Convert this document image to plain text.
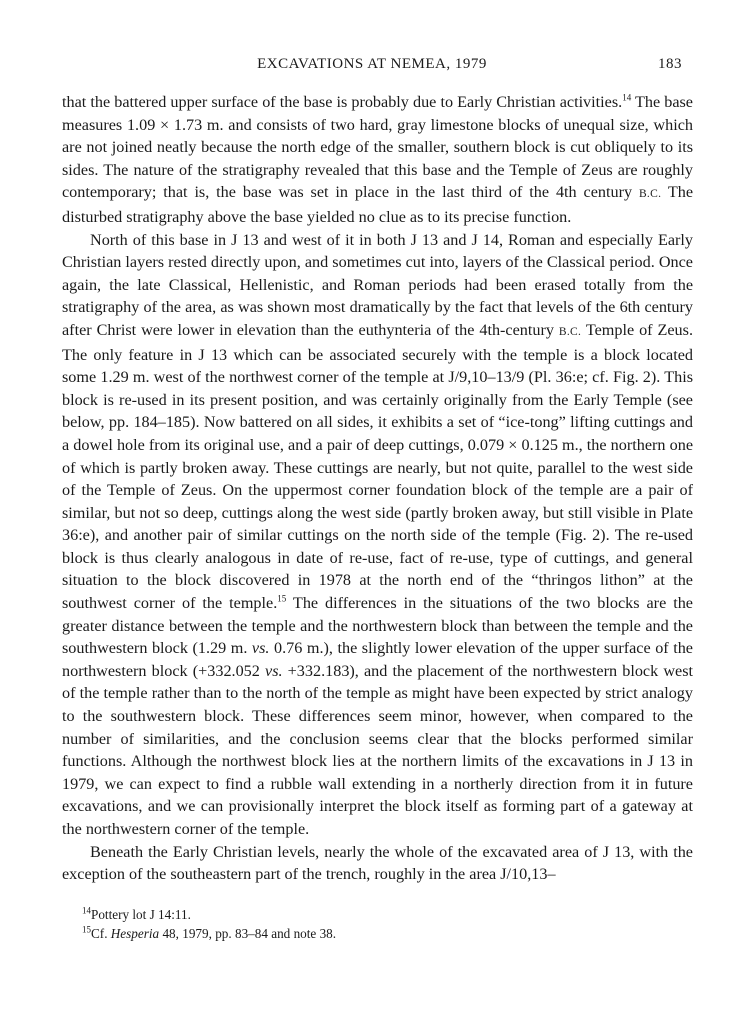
EXCAVATIONS AT NEMEA, 1979	183

that the battered upper surface of the base is probably due to Early Christian activities.$^{14}$ The base measures 1.09 × 1.73 m. and consists of two hard, gray limestone blocks of unequal size, which are not joined neatly because the north edge of the smaller, southern block is cut obliquely to its sides. The nature of the stratigraphy revealed that this base and the Temple of Zeus are roughly contemporary; that is, the base was set in place in the last third of the 4th century B.C. The disturbed stratigraphy above the base yielded no clue as to its precise function.

North of this base in J 13 and west of it in both J 13 and J 14, Roman and especially Early Christian layers rested directly upon, and sometimes cut into, layers of the Classical period. Once again, the late Classical, Hellenistic, and Roman periods had been erased totally from the stratigraphy of the area, as was shown most dramatically by the fact that levels of the 6th century after Christ were lower in elevation than the euthynteria of the 4th-century B.C. Temple of Zeus. The only feature in J 13 which can be associated securely with the temple is a block located some 1.29 m. west of the northwest corner of the temple at J/9,10–13/9 (Pl. 36:e; cf. Fig. 2). This block is re-used in its present position, and was certainly originally from the Early Temple (see below, pp. 184–185). Now battered on all sides, it exhibits a set of “ice-tong” lifting cuttings and a dowel hole from its original use, and a pair of deep cuttings, 0.079 × 0.125 m., the northern one of which is partly broken away. These cuttings are nearly, but not quite, parallel to the west side of the Temple of Zeus. On the uppermost corner foundation block of the temple are a pair of similar, but not so deep, cuttings along the west side (partly broken away, but still visible in Plate 36:e), and another pair of similar cuttings on the north side of the temple (Fig. 2). The re-used block is thus clearly analogous in date of re-use, fact of re-use, type of cuttings, and general situation to the block discovered in 1978 at the north end of the “thringos lithon” at the southwest corner of the temple.$^{15}$ The differences in the situations of the two blocks are the greater distance between the temple and the northwestern block than between the temple and the southwestern block (1.29 m. vs. 0.76 m.), the slightly lower elevation of the upper surface of the northwestern block (+332.052 vs. +332.183), and the placement of the northwestern block west of the temple rather than to the north of the temple as might have been expected by strict analogy to the southwestern block. These differences seem minor, however, when compared to the number of similarities, and the conclusion seems clear that the blocks performed similar functions. Although the northwest block lies at the northern limits of the excavations in J 13 in 1979, we can expect to find a rubble wall extending in a northerly direction from it in future excavations, and we can provisionally interpret the block itself as forming part of a gateway at the northwestern corner of the temple.

Beneath the Early Christian levels, nearly the whole of the excavated area of J 13, with the exception of the southeastern part of the trench, roughly in the area J/10,13–

$^{14}$Pottery lot J 14:11.

$^{15}$Cf. Hesperia 48, 1979, pp. 83–84 and note 38.
